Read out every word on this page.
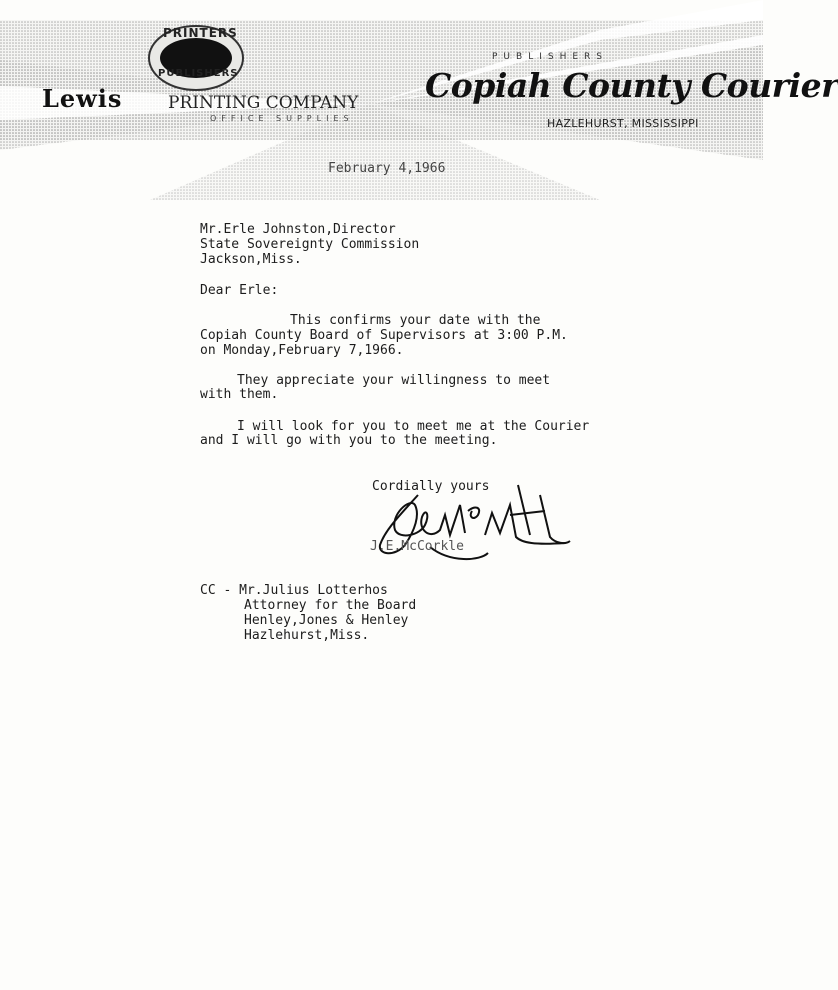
PRINTERS
PUBLISHERS
Lewis	PRINTING COMPANY
OFFICE SUPPLIES
PUBLISHERS
Copiah County Courier
HAZLEHURST, MISSISSIPPI
February 4,1966
Mr.Erle Johnston,Director
State Sovereignty Commission
Jackson,Miss.
Dear Erle:
This confirms your date with the
Copiah County Board of Supervisors at 3:00 P.M.
on Monday,February 7,1966.
They appreciate your willingness to meet
with them.
I will look for you to meet me at the Courier
and I will go with you to the meeting.
Cordially yours
J.E.McCorkle
CC - Mr.Julius Lotterhos
Attorney for the Board
Henley,Jones & Henley
Hazlehurst,Miss.
